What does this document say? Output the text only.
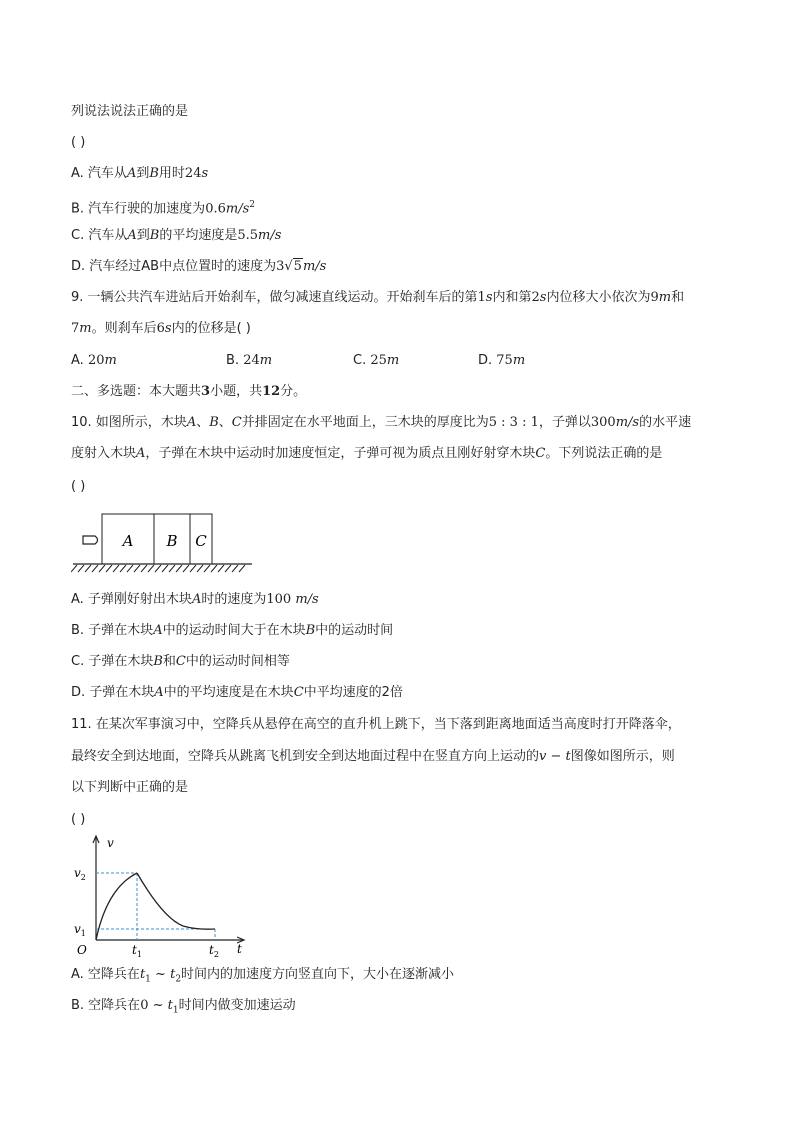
列说法说法正确的是
( )
A. 汽车从A到B用时24s
B. 汽车行驶的加速度为$0.6m/s^2$
C. 汽车从A到B的平均速度是5.5m/s
D. 汽车经过AB中点位置时的速度为3√5m/s
9. 一辆公共汽车进站后开始刹车，做匀减速直线运动。开始刹车后的第1s内和第2s内位移大小依次为9m和
7m。则刹车后6s内的位移是( )
A. 20m	B. 24m	C. 25m	D. 75m
二、多选题：本大题共3小题，共12分。
10. 如图所示，木块A、B、C并排固定在水平地面上，三木块的厚度比为5 : 3 : 1，子弹以300m/s的水平速
度射入木块A，子弹在木块中运动时加速度恒定，子弹可视为质点且刚好射穿木块C。下列说法正确的是
( )
A B C
A. 子弹刚好射出木块A时的速度为100 m/s
B. 子弹在木块A中的运动时间大于在木块B中的运动时间
C. 子弹在木块B和C中的运动时间相等
D. 子弹在木块A中的平均速度是在木块C中平均速度的2倍
11. 在某次军事演习中，空降兵从悬停在高空的直升机上跳下，当下落到距离地面适当高度时打开降落伞，
最终安全到达地面，空降兵从跳离飞机到安全到达地面过程中在竖直方向上运动的v − t图像如图所示，则
以下判断中正确的是
( )
v
t
O
$v_2$
$v_1$
$t_1$	$t_2$
A. 空降兵在$t_1$ ~ $t_2$时间内的加速度方向竖直向下，大小在逐渐减小
B. 空降兵在0 ~ $t_1$时间内做变加速运动
